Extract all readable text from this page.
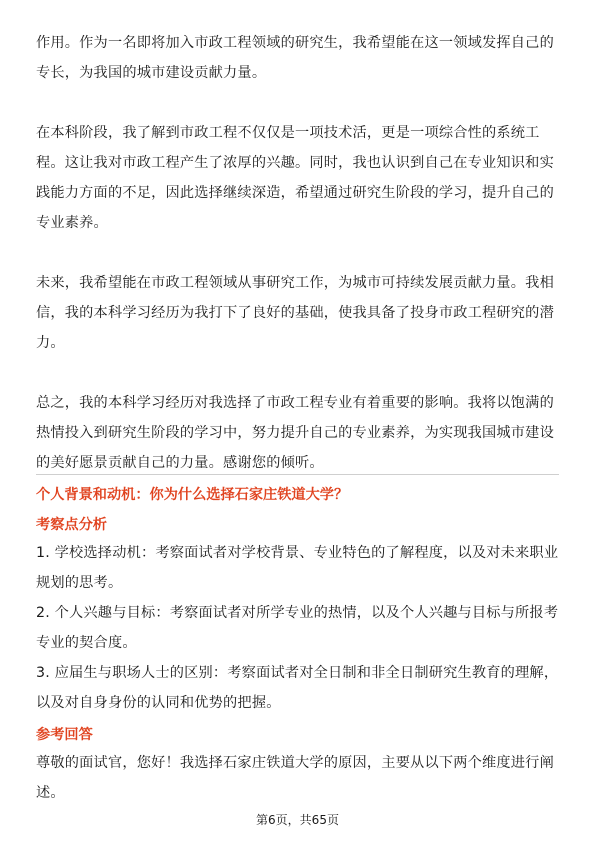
作用。作为一名即将加入市政工程领域的研究生，我希望能在这一领域发挥自己的
专长，为我国的城市建设贡献力量。

在本科阶段，我了解到市政工程不仅仅是一项技术活，更是一项综合性的系统工
程。这让我对市政工程产生了浓厚的兴趣。同时，我也认识到自己在专业知识和实
践能力方面的不足，因此选择继续深造，希望通过研究生阶段的学习，提升自己的
专业素养。

未来，我希望能在市政工程领域从事研究工作，为城市可持续发展贡献力量。我相
信，我的本科学习经历为我打下了良好的基础，使我具备了投身市政工程研究的潜
力。

总之，我的本科学习经历对我选择了市政工程专业有着重要的影响。我将以饱满的
热情投入到研究生阶段的学习中，努力提升自己的专业素养，为实现我国城市建设
的美好愿景贡献自己的力量。感谢您的倾听。

个人背景和动机：你为什么选择石家庄铁道大学？
考察点分析
1. 学校选择动机：考察面试者对学校背景、专业特色的了解程度，以及对未来职业
规划的思考。
2. 个人兴趣与目标：考察面试者对所学专业的热情，以及个人兴趣与目标与所报考
专业的契合度。
3. 应届生与职场人士的区别：考察面试者对全日制和非全日制研究生教育的理解，
以及对自身身份的认同和优势的把握。
参考回答
尊敬的面试官，您好！我选择石家庄铁道大学的原因，主要从以下两个维度进行阐
述。
第6页，共65页
